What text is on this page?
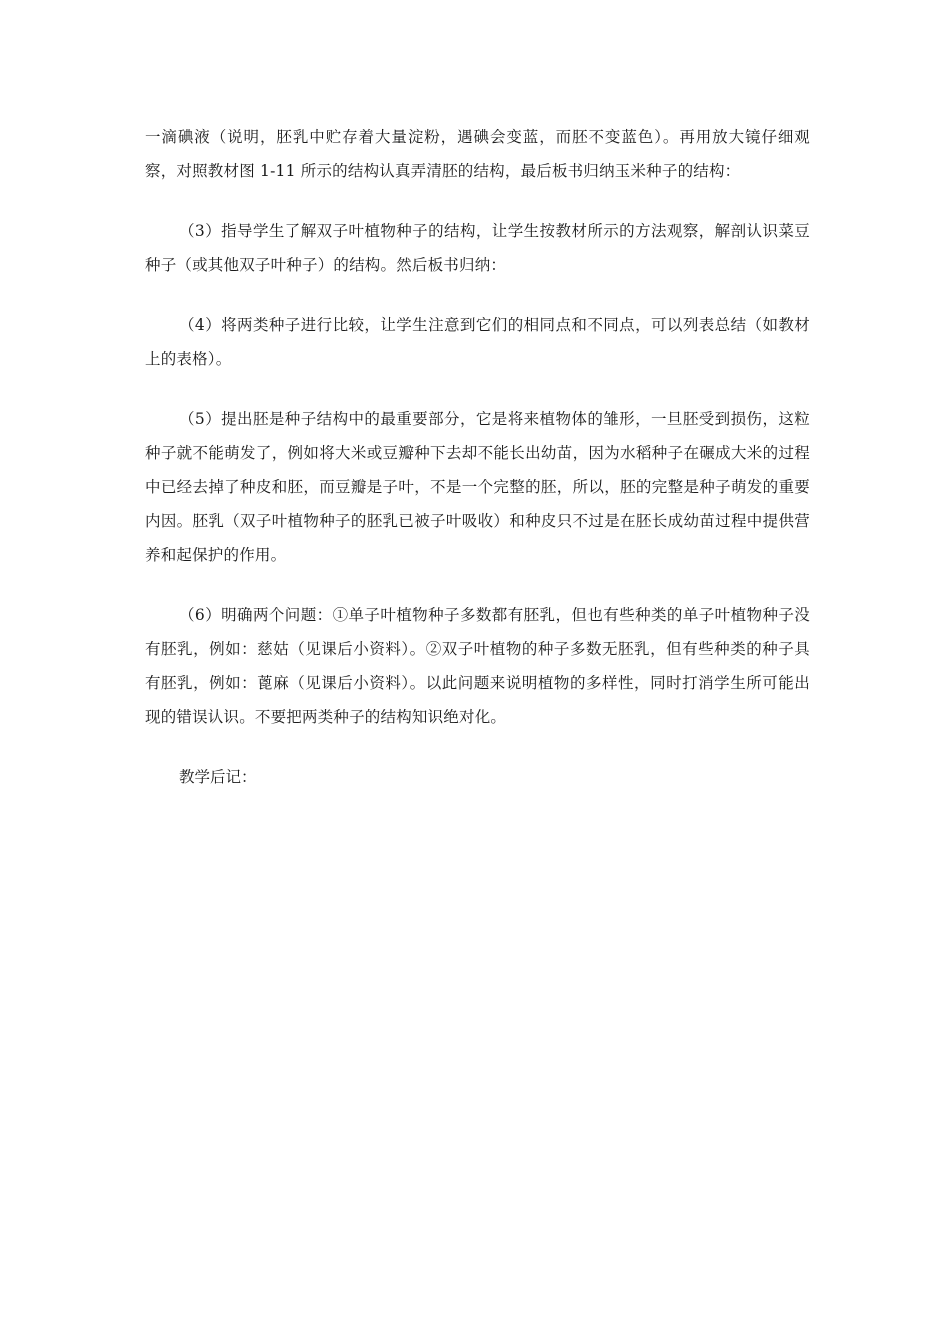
一滴碘液（说明，胚乳中贮存着大量淀粉，遇碘会变蓝，而胚不变蓝色）。再用放大镜仔细观察，对照教材图 1-11 所示的结构认真弄清胚的结构，最后板书归纳玉米种子的结构：

（3）指导学生了解双子叶植物种子的结构，让学生按教材所示的方法观察，解剖认识菜豆种子（或其他双子叶种子）的结构。然后板书归纳：

（4）将两类种子进行比较，让学生注意到它们的相同点和不同点，可以列表总结（如教材上的表格）。

（5）提出胚是种子结构中的最重要部分，它是将来植物体的雏形，一旦胚受到损伤，这粒种子就不能萌发了，例如将大米或豆瓣种下去却不能长出幼苗，因为水稻种子在碾成大米的过程中已经去掉了种皮和胚，而豆瓣是子叶，不是一个完整的胚，所以，胚的完整是种子萌发的重要内因。胚乳（双子叶植物种子的胚乳已被子叶吸收）和种皮只不过是在胚长成幼苗过程中提供营养和起保护的作用。

（6）明确两个问题：①单子叶植物种子多数都有胚乳，但也有些种类的单子叶植物种子没有胚乳，例如：慈姑（见课后小资料）。②双子叶植物的种子多数无胚乳，但有些种类的种子具有胚乳，例如：蓖麻（见课后小资料）。以此问题来说明植物的多样性，同时打消学生所可能出现的错误认识。不要把两类种子的结构知识绝对化。

教学后记：
